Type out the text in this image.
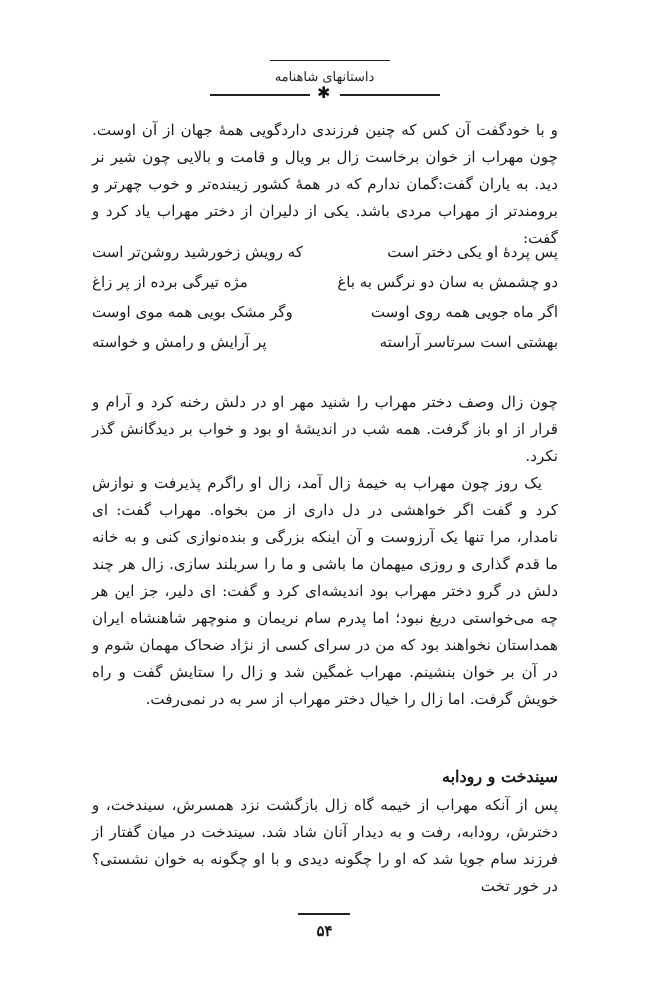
داستانهای شاهنامه
✱

و با خودگفت آن کس که چنین فرزندی داردگویی همهٔ جهان از آن اوست. چون مهراب از خوان برخاست زال بر ویال و قامت و بالایی چون شیر نر دید. به یاران گفت:گمان ندارم که در همهٔ کشور زیبنده‌تر و خوب چهرتر و برومندتر از مهراب مردی باشد. یکی از دلیران از دختر مهراب یاد کرد و گفت:

پس پردهٔ او یکی دختر است
که رویش زخورشید روشن‌تر است
دو چشمش به سان دو نرگس به باغ
مژه تیرگی برده از پر زاغ
اگر ماه جویی همه روی اوست
وگر مشک بویی همه موی اوست
بهشتی است سرتاسر آراسته
پر آرایش و رامش و خواسته

چون زال وصف دختر مهراب را شنید مهر او در دلش رخنه کرد و آرام و قرار از او باز گرفت. همه شب در اندیشهٔ او بود و خواب بر دیدگانش گذر نکرد.

یک روز چون مهراب به خیمهٔ زال آمد، زال او راگرم پذیرفت و نوازش کرد و گفت اگر خواهشی در دل داری از من بخواه. مهراب گفت: ای نامدار، مرا تنها یک آرزوست و آن اینکه بزرگی و بنده‌نوازی کنی و به خانه ما قدم گذاری و روزی میهمان ما باشی و ما را سربلند سازی. زال هر چند دلش در گرو دختر مهراب بود اندیشه‌ای کرد و گفت: ای دلیر، جز این هر چه می‌خواستی دریغ نبود؛ اما پدرم سام نریمان و منوچهر شاهنشاه ایران همداستان نخواهند بود که من در سرای کسی از نژاد ضحاک مهمان شوم و در آن بر خوان بنشینم. مهراب غمگین شد و زال را ستایش گفت و راه خویش گرفت. اما زال را خیال دختر مهراب از سر به در نمی‌رفت.

سیندخت و رودابه

پس از آنکه مهراب از خیمه گاه زال بازگشت نزد همسرش، سیندخت، و دخترش، رودابه، رفت و به دیدار آنان شاد شد. سیندخت در میان گفتار از فرزند سام جویا شد که او را چگونه دیدی و با او چگونه به خوان نشستی؟ در خور تخت

۵۴
